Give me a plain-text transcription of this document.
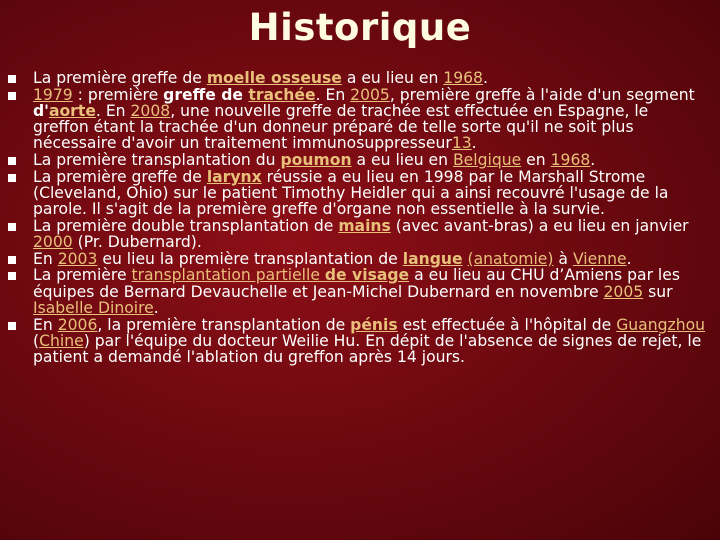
Historique
La première greffe de moelle osseuse a eu lieu en 1968.
1979 : première greffe de trachée. En 2005, première greffe à l'aide d'un segment d'aorte. En 2008, une nouvelle greffe de trachée est effectuée en Espagne, le greffon étant la trachée d'un donneur préparé de telle sorte qu'il ne soit plus nécessaire d'avoir un traitement immunosuppresseur13.
La première transplantation du poumon a eu lieu en Belgique en 1968.
La première greffe de larynx réussie a eu lieu en 1998 par le Marshall Strome (Cleveland, Ohio) sur le patient Timothy Heidler qui a ainsi recouvré l'usage de la parole. Il s'agit de la première greffe d'organe non essentielle à la survie.
La première double transplantation de mains (avec avant-bras) a eu lieu en janvier 2000 (Pr. Dubernard).
En 2003 eu lieu la première transplantation de langue (anatomie) à Vienne.
La première transplantation partielle de visage a eu lieu au CHU d’Amiens par les équipes de Bernard Devauchelle et Jean-Michel Dubernard en novembre 2005 sur Isabelle Dinoire.
En 2006, la première transplantation de pénis est effectuée à l'hôpital de Guangzhou (Chine) par l'équipe du docteur Weilie Hu. En dépit de l'absence de signes de rejet, le patient a demandé l'ablation du greffon après 14 jours.
